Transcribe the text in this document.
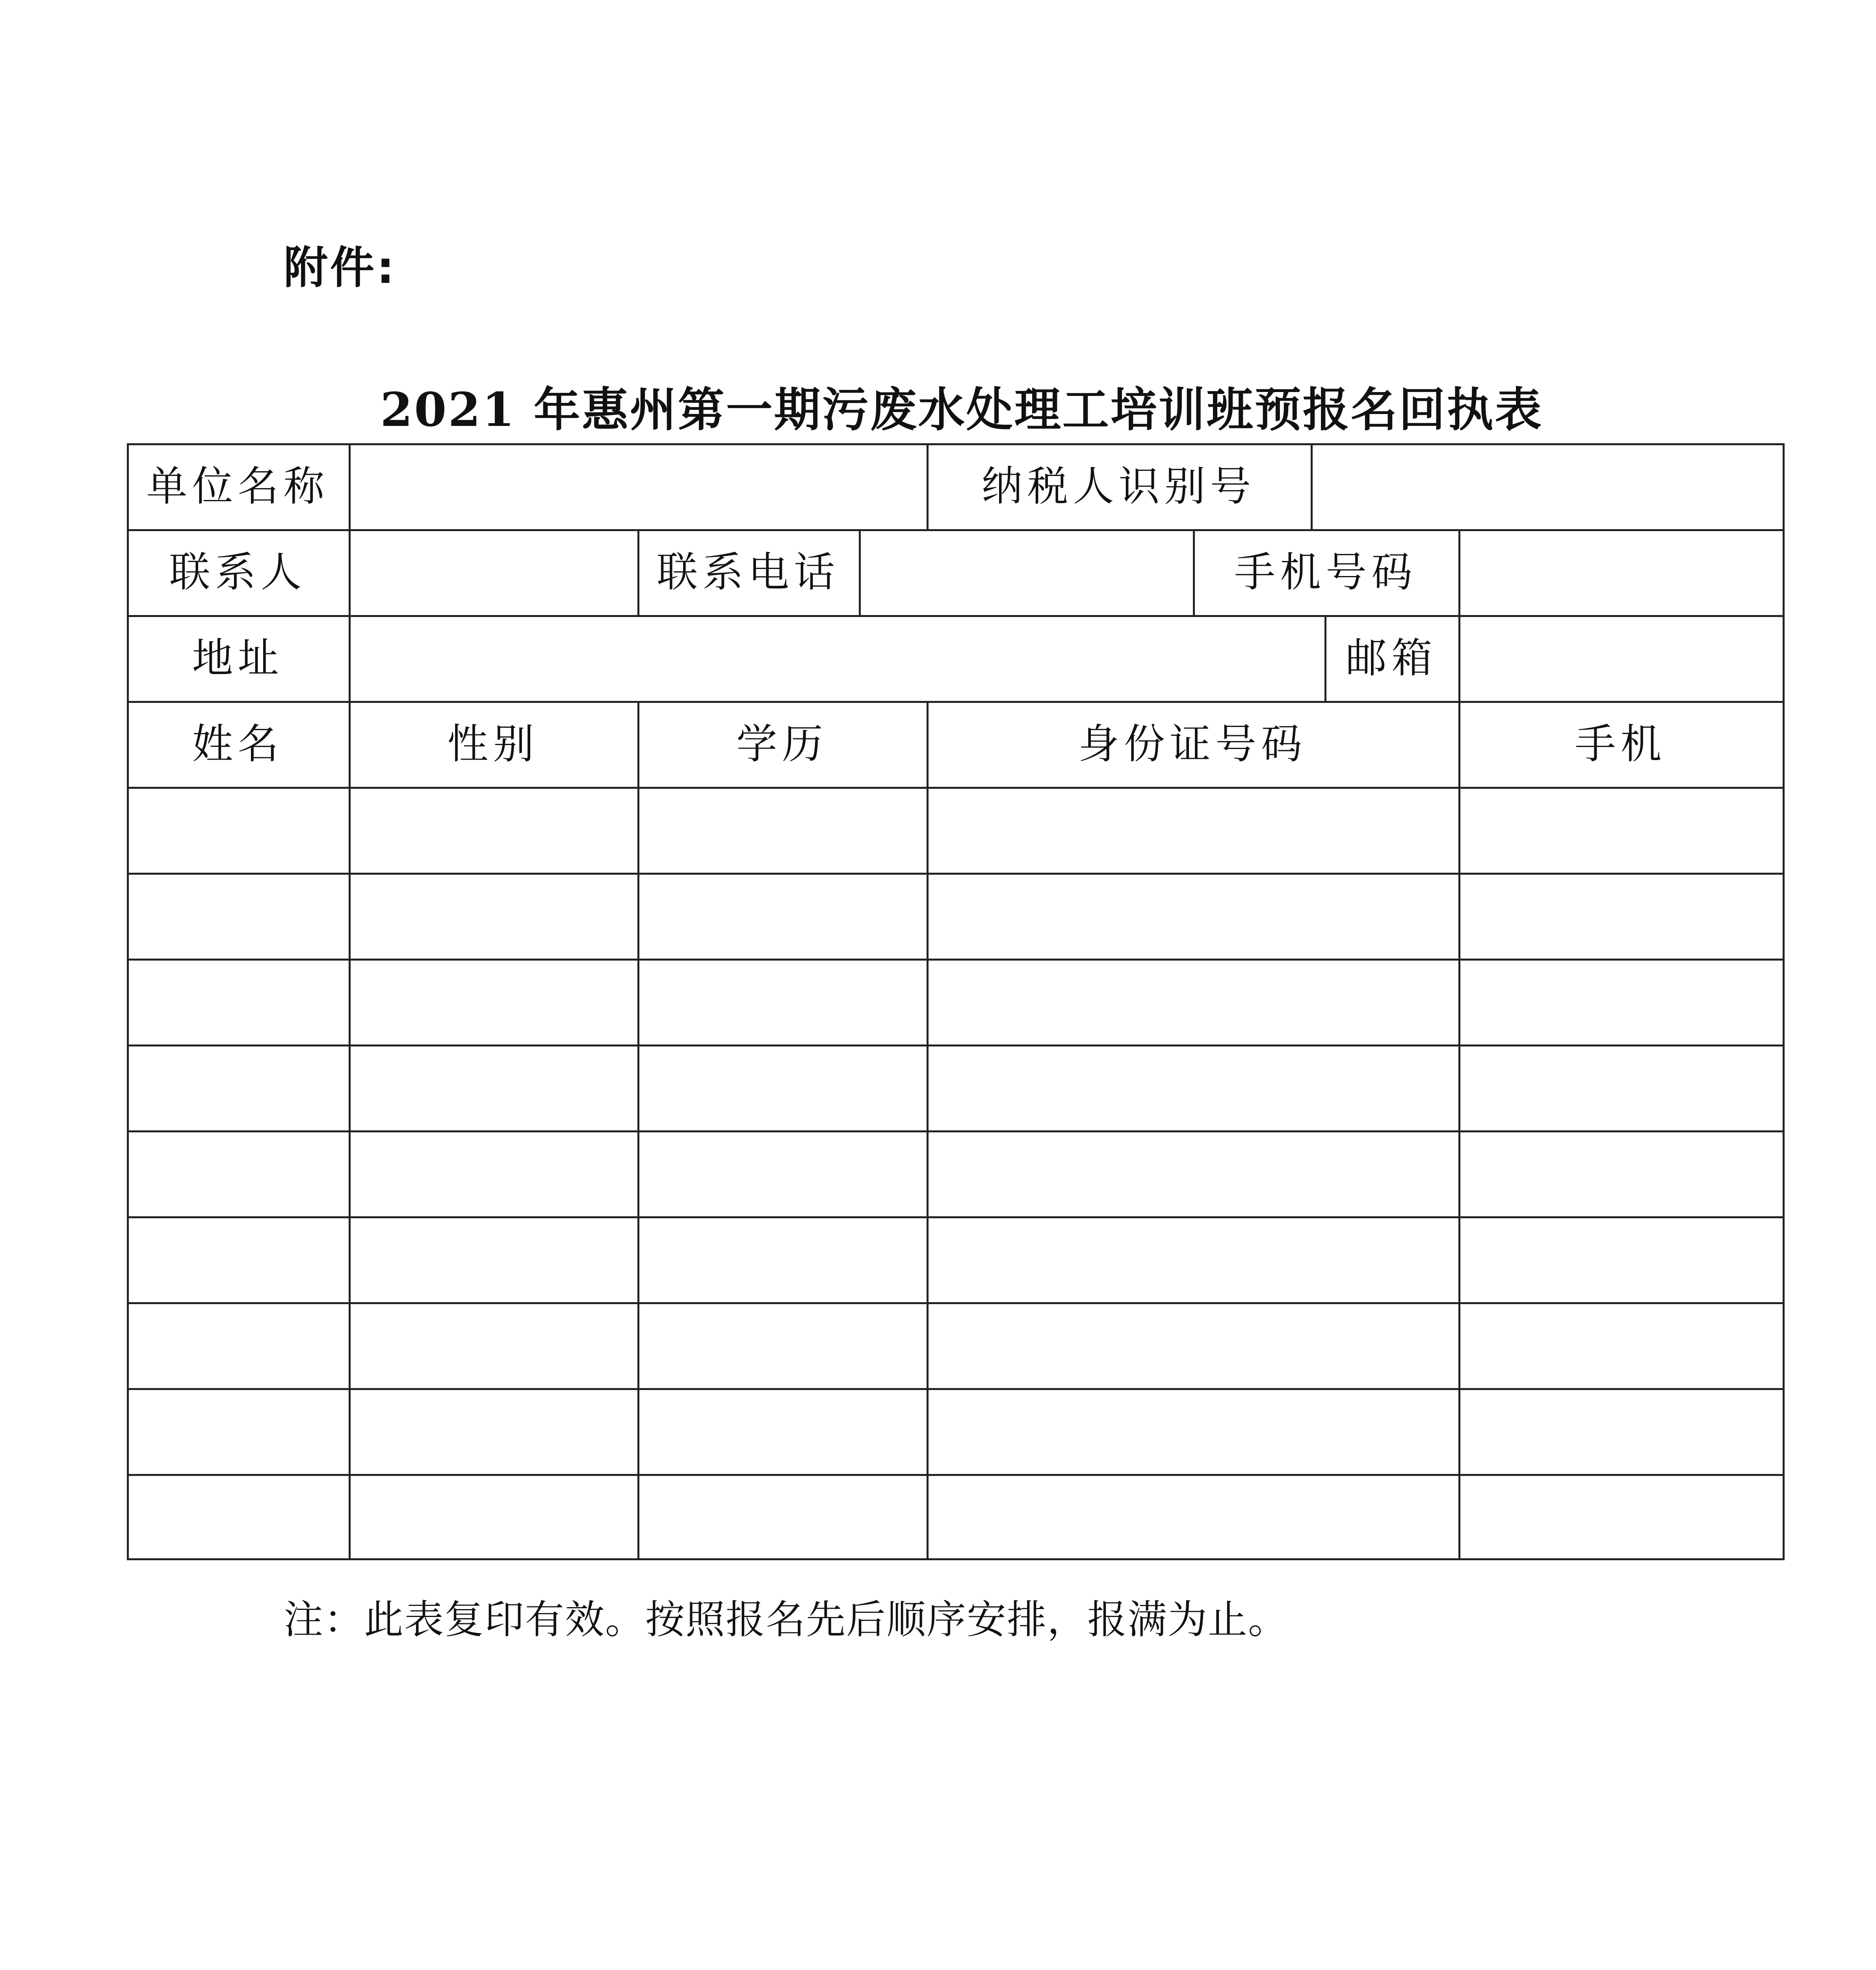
附件:
2021 年惠州第一期污废水处理工培训班预报名回执表
单位名称	纳税人识别号
联系人	联系电话	手机号码
地址	邮箱
姓名	性别	学历	身份证号码	手机
注：此表复印有效。按照报名先后顺序安排，报满为止。
